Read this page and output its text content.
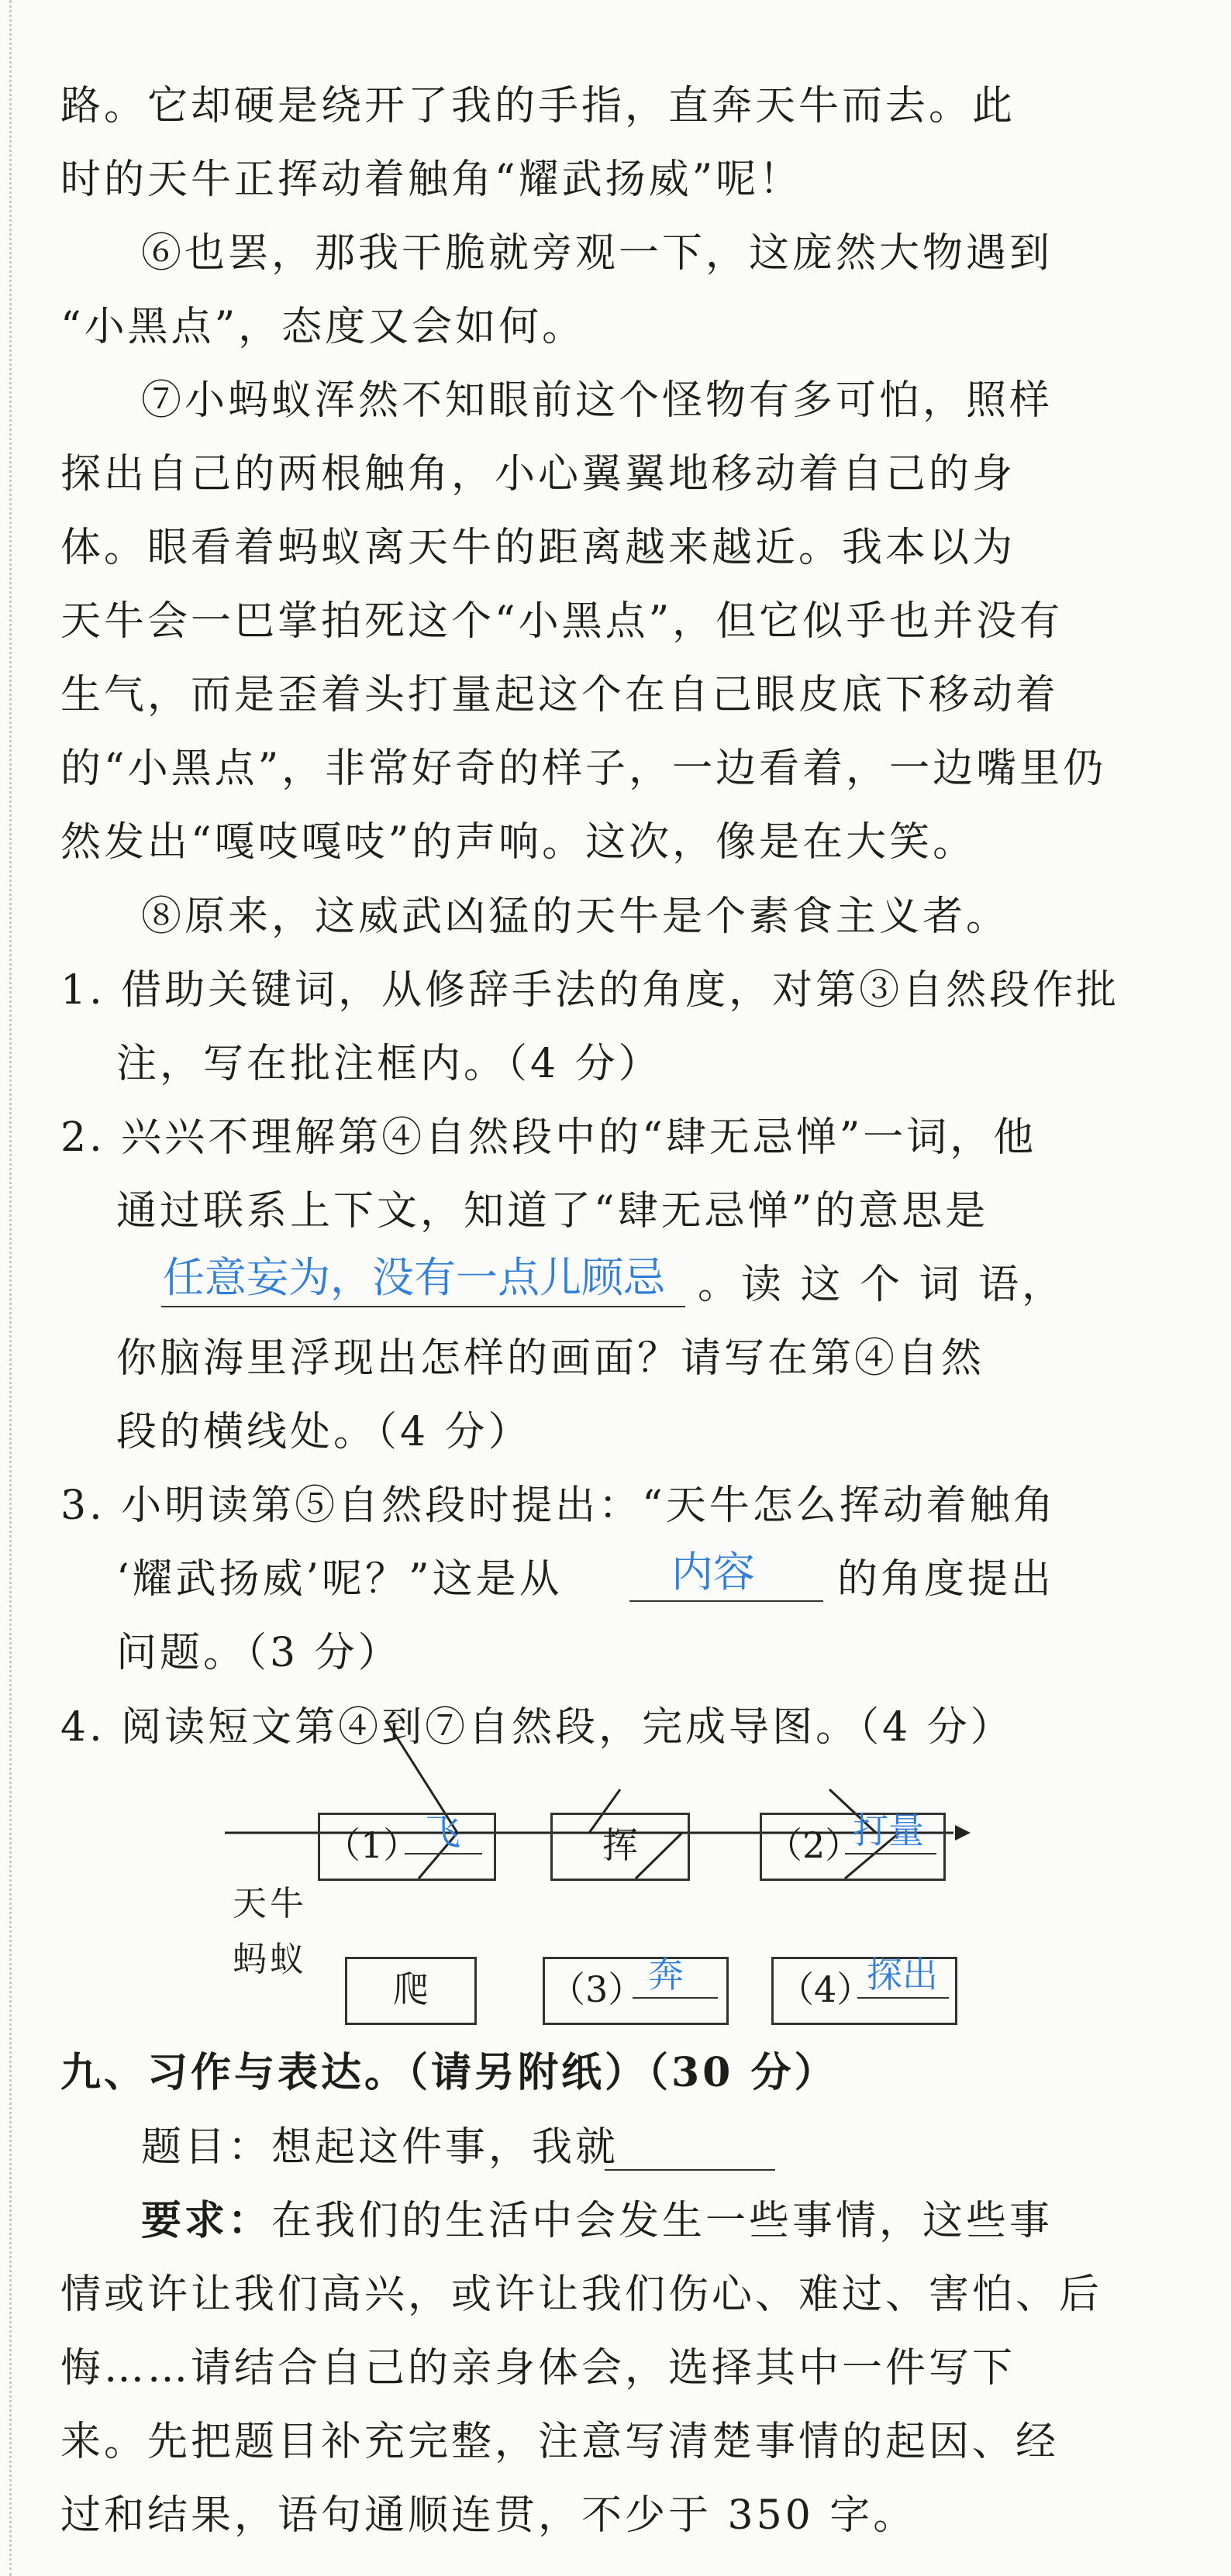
路。它却硬是绕开了我的手指，直奔天牛而去。此
时的天牛正挥动着触角“耀武扬威”呢！
⑥也罢，那我干脆就旁观一下，这庞然大物遇到
“小黑点”，态度又会如何。
⑦小蚂蚁浑然不知眼前这个怪物有多可怕，照样
探出自己的两根触角，小心翼翼地移动着自己的身
体。眼看着蚂蚁离天牛的距离越来越近。我本以为
天牛会一巴掌拍死这个“小黑点”，但它似乎也并没有
生气，而是歪着头打量起这个在自己眼皮底下移动着
的“小黑点”，非常好奇的样子，一边看着，一边嘴里仍
然发出“嘎吱嘎吱”的声响。这次，像是在大笑。
⑧原来，这威武凶猛的天牛是个素食主义者。
1. 借助关键词，从修辞手法的角度，对第③自然段作批
注，写在批注框内。（4 分）
2. 兴兴不理解第④自然段中的“肆无忌惮”一词，他
通过联系上下文，知道了“肆无忌惮”的意思是
任意妄为，没有一点儿顾忌 。读 这 个 词 语，
你脑海里浮现出怎样的画面？请写在第④自然
段的横线处。（4 分）
3. 小明读第⑤自然段时提出：“天牛怎么挥动着触角
‘耀武扬威’呢？”这是从	内容 的角度提出
问题。（3 分）
4. 阅读短文第④到⑦自然段，完成导图。（4 分）
天牛
蚂蚁
（1） 飞	挥	（2）
打量
爬	（3） 奔	（4）
探出
九、习作与表达。（请另附纸）（30 分）
题目：想起这件事，我就
要求：在我们的生活中会发生一些事情，这些事
情或许让我们高兴，或许让我们伤心、难过、害怕、后
悔……请结合自己的亲身体会，选择其中一件写下
来。先把题目补充完整，注意写清楚事情的起因、经
过和结果，语句通顺连贯，不少于 350 字。
